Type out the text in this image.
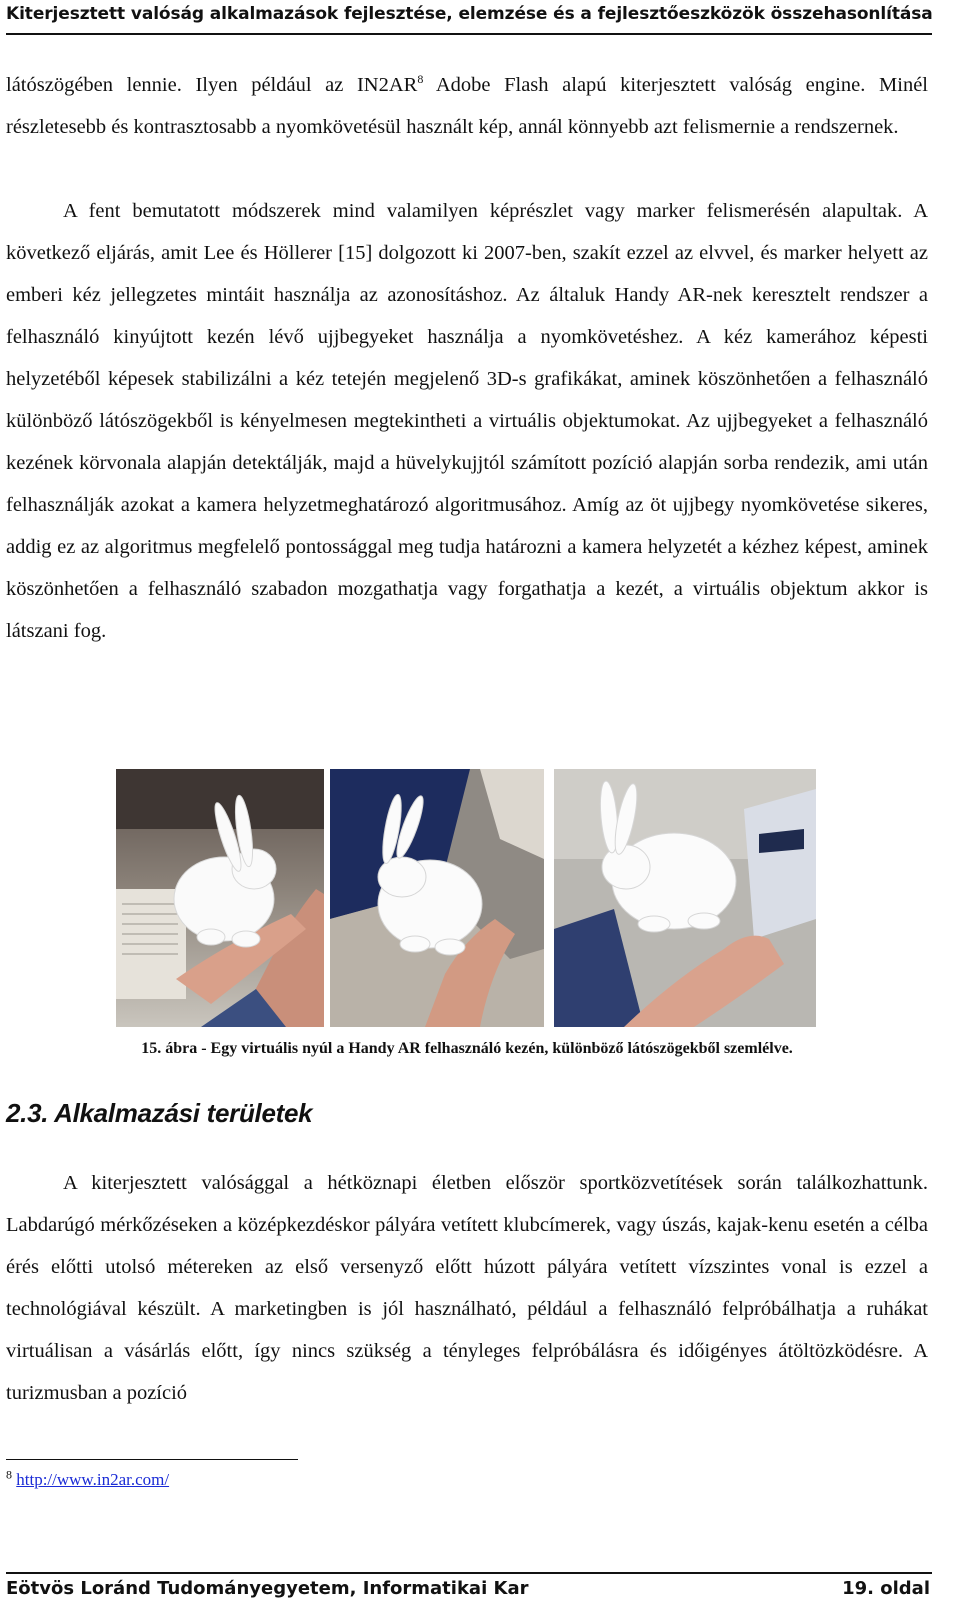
Kiterjesztett valóság alkalmazások fejlesztése, elemzése és a fejlesztőeszközök összehasonlítása

látószögében lennie. Ilyen például az $IN2AR^8$ Adobe Flash alapú kiterjesztett valóság engine. Minél részletesebb és kontrasztosabb a nyomkövetésül használt kép, annál könnyebb azt felismernie a rendszernek.

A fent bemutatott módszerek mind valamilyen képrészlet vagy marker felismerésén alapultak. A következő eljárás, amit Lee és Höllerer [15] dolgozott ki 2007-ben, szakít ezzel az elvvel, és marker helyett az emberi kéz jellegzetes mintáit használja az azonosításhoz. Az általuk Handy AR-nek keresztelt rendszer a felhasználó kinyújtott kezén lévő ujjbegyeket használja a nyomkövetéshez. A kéz kamerához képesti helyzetéből képesek stabilizálni a kéz tetején megjelenő 3D-s grafikákat, aminek köszönhetően a felhasználó különböző látószögekből is kényelmesen megtekintheti a virtuális objektumokat. Az ujjbegyeket a felhasználó kezének körvonala alapján detektálják, majd a hüvelykujjtól számított pozíció alapján sorba rendezik, ami után felhasználják azokat a kamera helyzetmeghatározó algoritmusához. Amíg az öt ujjbegy nyomkövetése sikeres, addig ez az algoritmus megfelelő pontossággal meg tudja határozni a kamera helyzetét a kézhez képest, aminek köszönhetően a felhasználó szabadon mozgathatja vagy forgathatja a kezét, a virtuális objektum akkor is látszani fog.

15. ábra - Egy virtuális nyúl a Handy AR felhasználó kezén, különböző látószögekből szemlélve.
2.3. Alkalmazási területek

A kiterjesztett valósággal a hétköznapi életben először sportközvetítések során találkozhattunk. Labdarúgó mérkőzéseken a középkezdéskor pályára vetített klubcímerek, vagy úszás, kajak-kenu esetén a célba érés előtti utolsó métereken az első versenyző előtt húzott pályára vetített vízszintes vonal is ezzel a technológiával készült. A marketingben is jól használható, például a felhasználó felpróbálhatja a ruhákat virtuálisan a vásárlás előtt, így nincs szükség a tényleges felpróbálásra és időigényes átöltözködésre. A turizmusban a pozíció

$^8$ http://www.in2ar.com/
Eötvös Loránd Tudományegyetem, Informatikai Kar	19. oldal
